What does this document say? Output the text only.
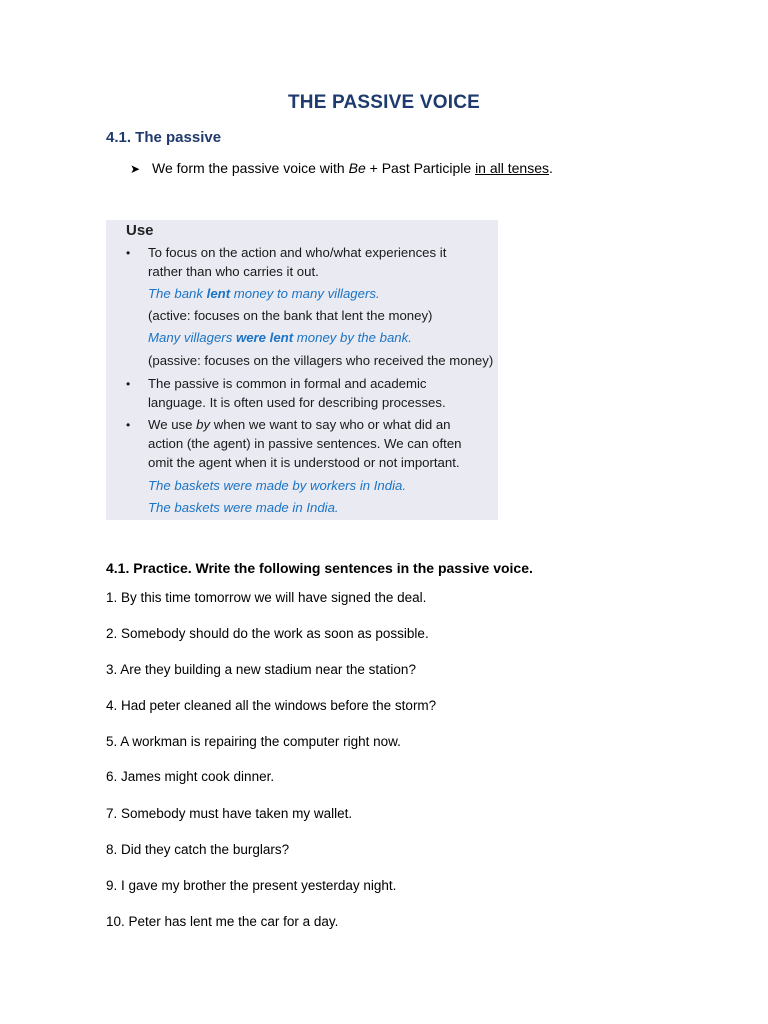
THE PASSIVE VOICE
4.1. The passive
➤ We form the passive voice with Be + Past Participle in all tenses.
Use
• To focus on the action and who/what experiences it
rather than who carries it out.
The bank lent money to many villagers.
(active: focuses on the bank that lent the money)
Many villagers were lent money by the bank.
(passive: focuses on the villagers who received the money)
• The passive is common in formal and academic
language. It is often used for describing processes.
• We use by when we want to say who or what did an
action (the agent) in passive sentences. We can often
omit the agent when it is understood or not important.
The baskets were made by workers in India.
The baskets were made in India.
4.1. Practice. Write the following sentences in the passive voice.
1. By this time tomorrow we will have signed the deal.
2. Somebody should do the work as soon as possible.
3. Are they building a new stadium near the station?
4. Had peter cleaned all the windows before the storm?
5. A workman is repairing the computer right now.
6. James might cook dinner.
7. Somebody must have taken my wallet.
8. Did they catch the burglars?
9. I gave my brother the present yesterday night.
10. Peter has lent me the car for a day.
